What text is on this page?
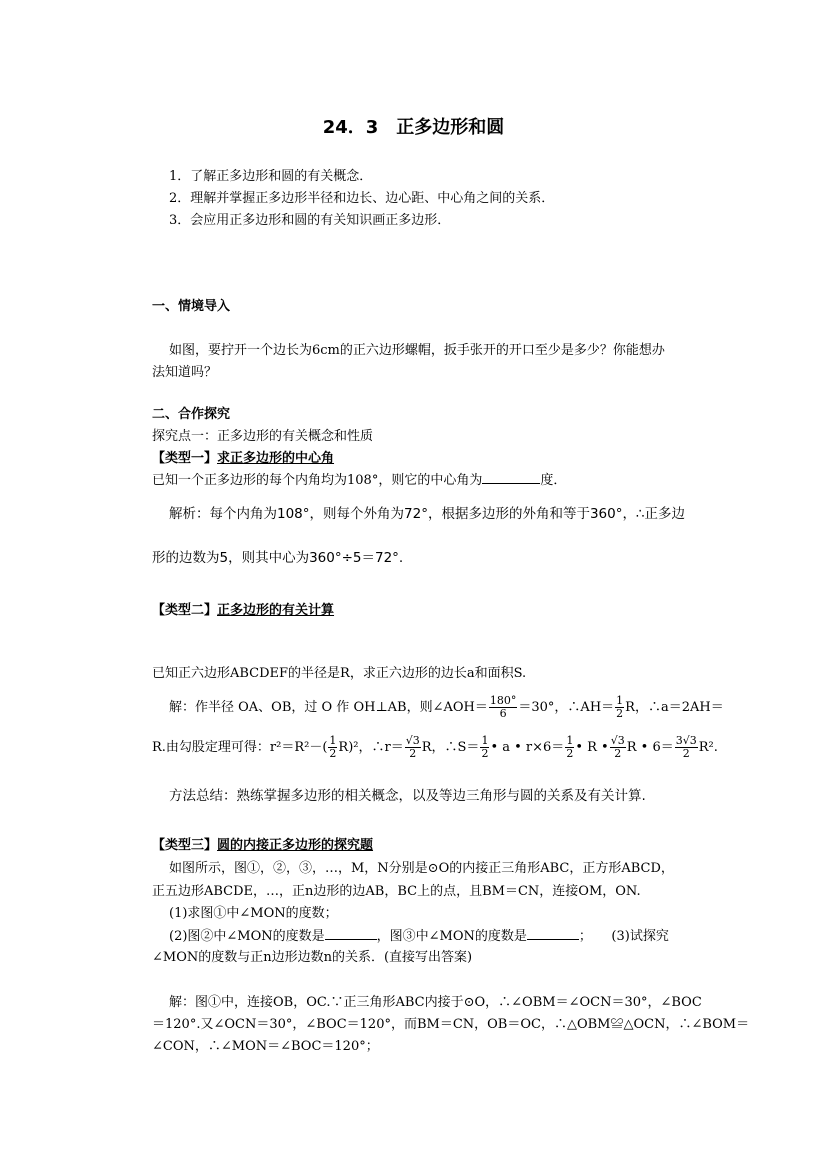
24．3　正多边形和圆
1．了解正多边形和圆的有关概念．
2．理解并掌握正多边形半径和边长、边心距、中心角之间的关系．
3．会应用正多边形和圆的有关知识画正多边形．
一、情境导入
如图，要拧开一个边长为6cm的正六边形螺帽，扳手张开的开口至少是多少？你能想办
法知道吗？
二、合作探究
探究点一：正多边形的有关概念和性质
【类型一】求正多边形的中心角
已知一个正多边形的每个内角均为108°，则它的中心角为	度．
解析：每个内角为108°，则每个外角为72°，根据多边形的外角和等于360°，∴正多边
形的边数为5，则其中心为360°÷5＝72°.
【类型二】正多边形的有关计算
已知正六边形ABCDEF的半径是R，求正六边形的边长a和面积S.
解：作半径 OA、OB，过 O 作 OH⊥AB，则∠AOH＝ $\frac{180^\circ}{6} =30^\circ$，∴AH＝ $\frac{1}{2}$ R，∴a＝2AH＝
R.由勾股定理可得：$r^2=R^2-( \frac{1}{2} R)^2$，∴r＝ $\frac{√3}{2}$ R，∴S＝ $\frac{1}{2}$ • a • $r\times 6= \frac{1}{2}$ • R • $\frac{√3}{2}$ R • $6= \frac{3√3}{2} R^2$.
方法总结：熟练掌握多边形的相关概念，以及等边三角形与圆的关系及有关计算.
【类型三】圆的内接正多边形的探究题
如图所示，图①，②，③，…，M，N分别是⊙O的内接正三角形ABC，正方形ABCD，
正五边形ABCDE，…，正n边形的边AB，BC上的点，且BM＝CN，连接OM，ON.
(1)求图①中∠MON的度数；
(2)图②中∠MON的度数是	，图③中∠MON的度数是	；　　(3)试探究
∠MON的度数与正n边形边数n的关系．(直接写出答案)
解：图①中，连接OB，OC.∵正三角形ABC内接于⊙O，∴∠OBM＝∠OCN＝30°，∠BOC
＝120°.又∠OCN＝30°，∠BOC＝120°，而BM＝CN，OB＝OC，∴△OBM≌△OCN，∴∠BOM＝
∠CON，∴∠MON＝∠BOC＝120°；
